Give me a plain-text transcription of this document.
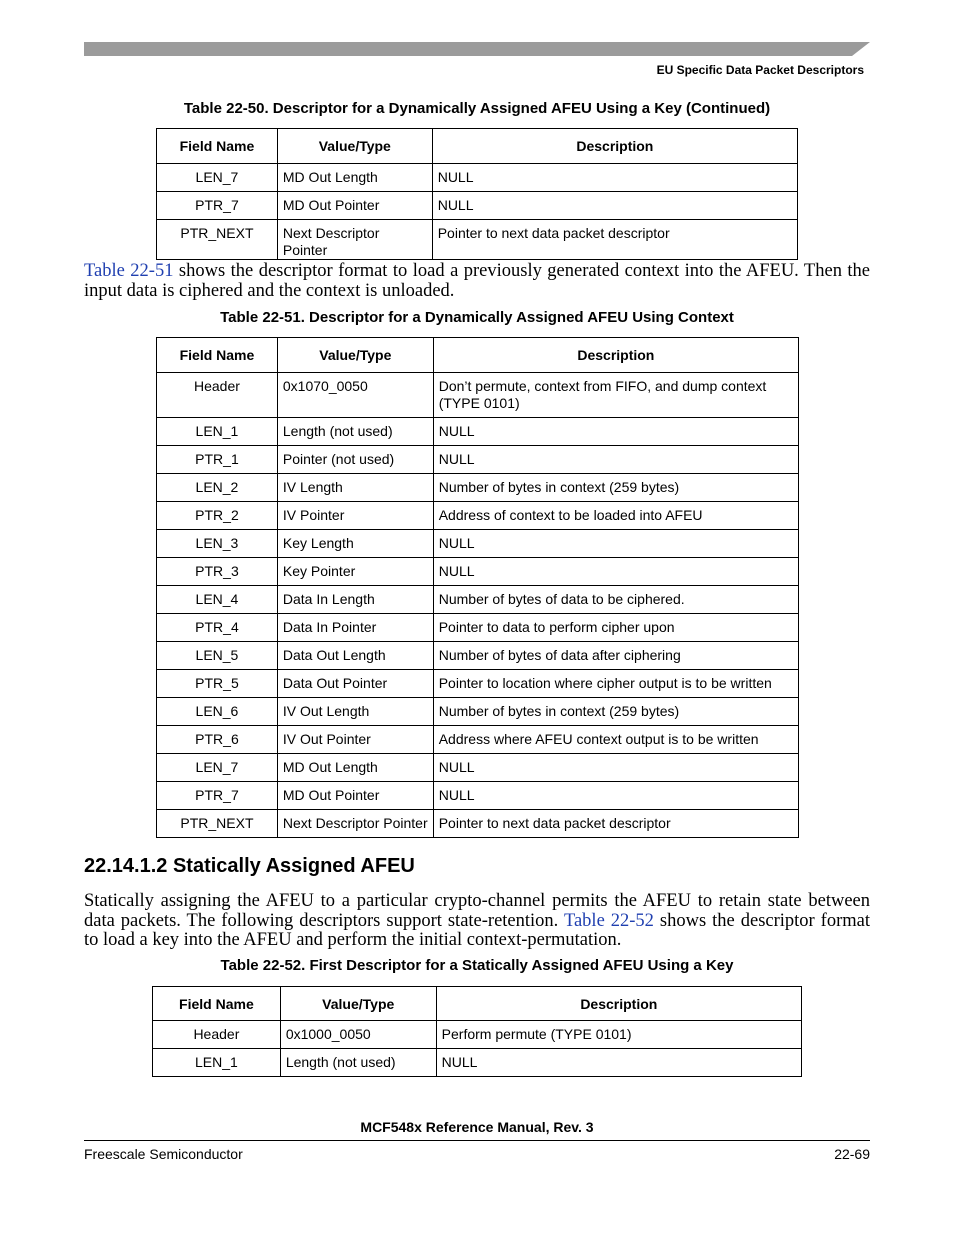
EU Specific Data Packet Descriptors
Table 22-50. Descriptor for a Dynamically Assigned AFEU Using a Key (Continued)
Field Name	Value/Type	Description
LEN_7	MD Out Length	NULL
PTR_7	MD Out Pointer	NULL
PTR_NEXT	Next Descriptor Pointer	Pointer to next data packet descriptor
Table 22-51 shows the descriptor format to load a previously generated context into the AFEU. Then the input data is ciphered and the context is unloaded.
Table 22-51. Descriptor for a Dynamically Assigned AFEU Using Context
Field Name	Value/Type	Description
Header	0x1070_0050	Don’t permute, context from FIFO, and dump context (TYPE 0101)
LEN_1	Length (not used)	NULL
PTR_1	Pointer (not used)	NULL
LEN_2	IV Length	Number of bytes in context (259 bytes)
PTR_2	IV Pointer	Address of context to be loaded into AFEU
LEN_3	Key Length	NULL
PTR_3	Key Pointer	NULL
LEN_4	Data In Length	Number of bytes of data to be ciphered.
PTR_4	Data In Pointer	Pointer to data to perform cipher upon
LEN_5	Data Out Length	Number of bytes of data after ciphering
PTR_5	Data Out Pointer	Pointer to location where cipher output is to be written
LEN_6	IV Out Length	Number of bytes in context (259 bytes)
PTR_6	IV Out Pointer	Address where AFEU context output is to be written
LEN_7	MD Out Length	NULL
PTR_7	MD Out Pointer	NULL
PTR_NEXT	Next Descriptor Pointer	Pointer to next data packet descriptor
22.14.1.2 Statically Assigned AFEU
Statically assigning the AFEU to a particular crypto-channel permits the AFEU to retain state between data packets. The following descriptors support state-retention. Table 22-52 shows the descriptor format to load a key into the AFEU and perform the initial context-permutation.
Table 22-52. First Descriptor for a Statically Assigned AFEU Using a Key
Field Name	Value/Type	Description
Header	0x1000_0050	Perform permute (TYPE 0101)
LEN_1	Length (not used)	NULL
MCF548x Reference Manual, Rev. 3
Freescale Semiconductor	22-69
